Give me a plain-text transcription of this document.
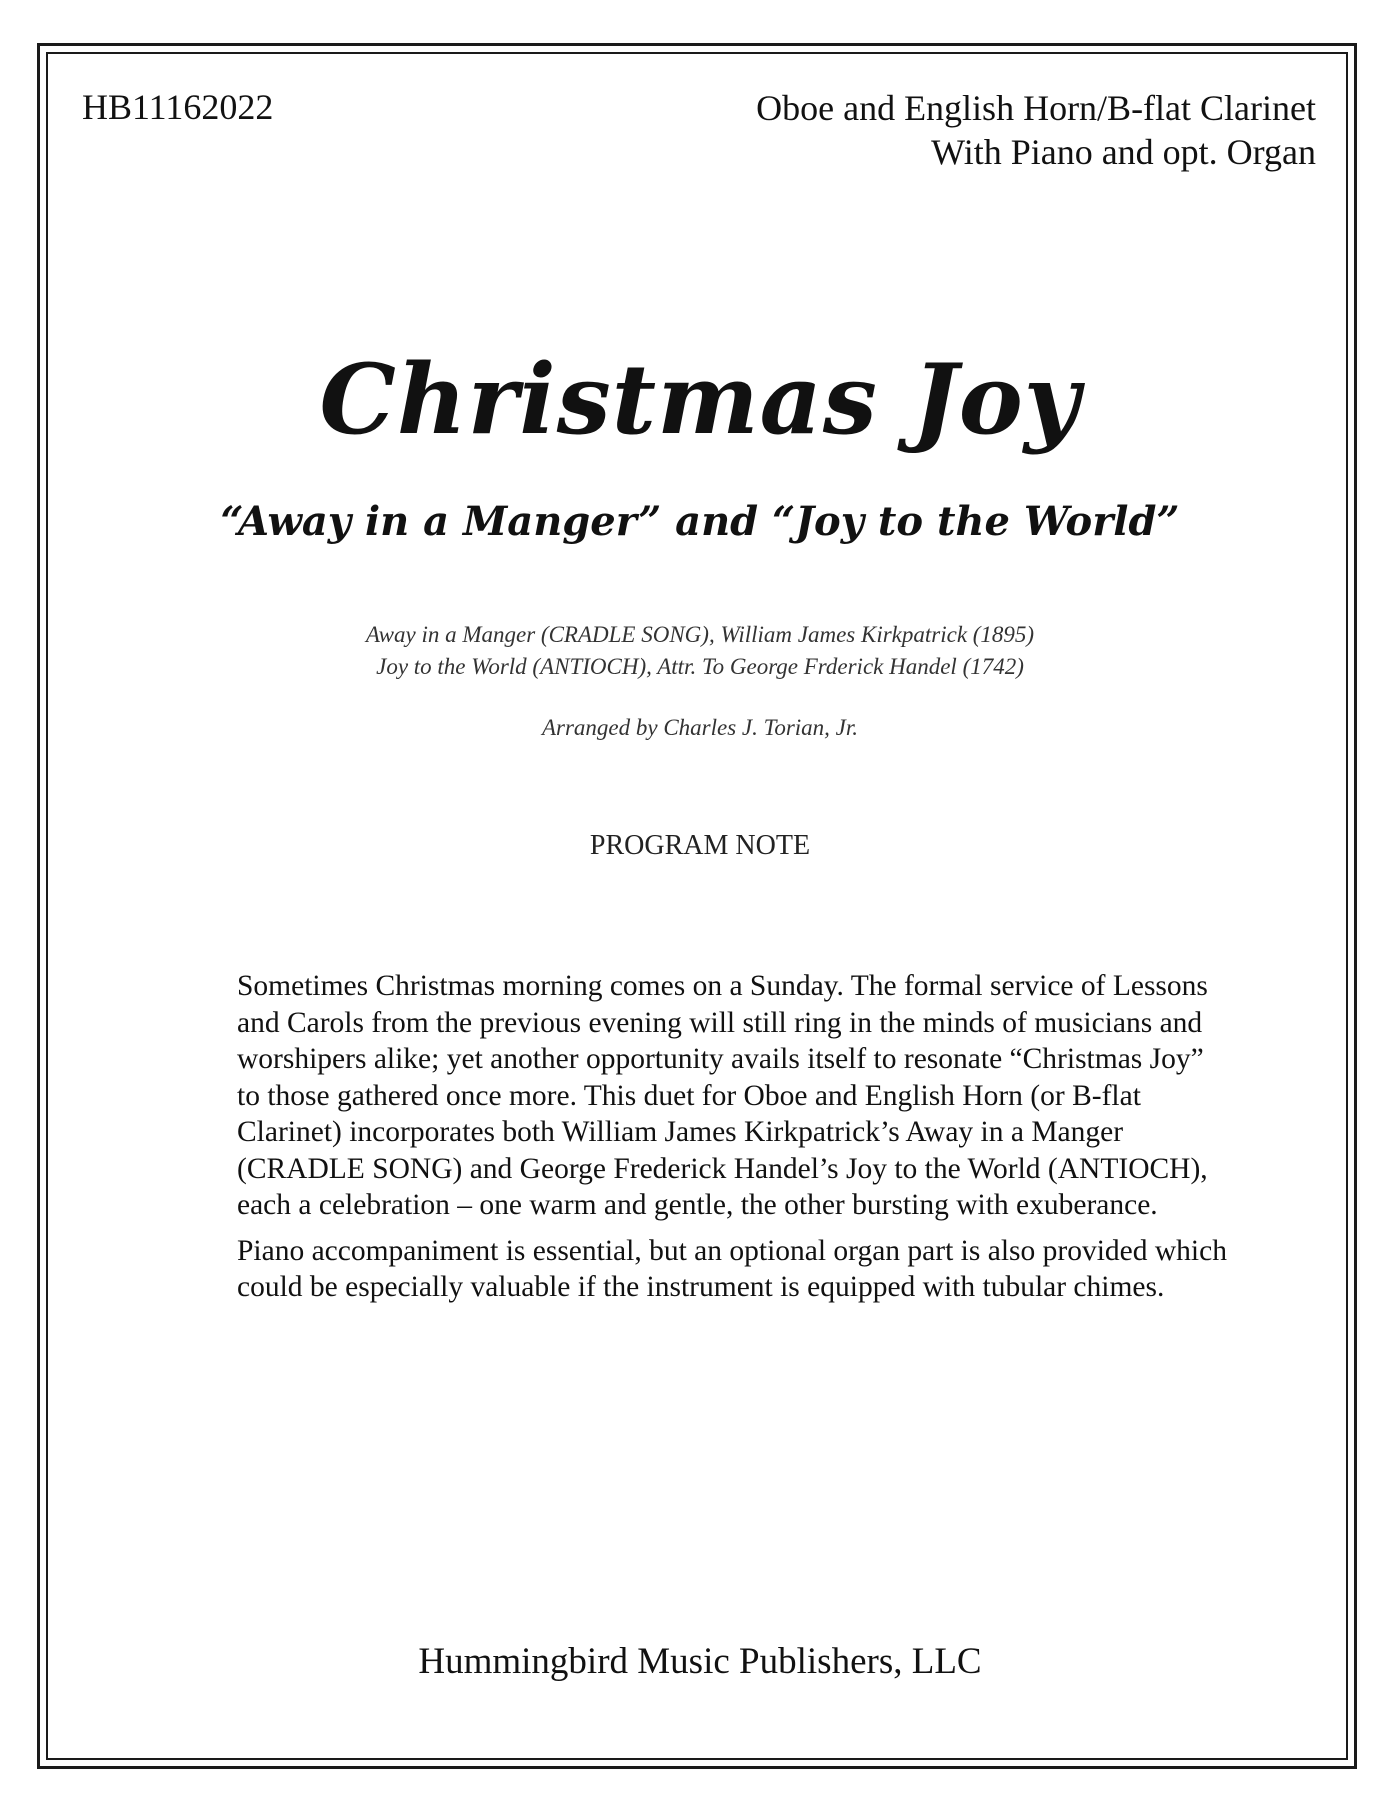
HB11162022	Oboe and English Horn/B-flat Clarinet
With Piano and opt. Organ
Christmas Joy
“Away in a Manger” and “Joy to the World”
Away in a Manger (CRADLE SONG), William James Kirkpatrick (1895)
Joy to the World (ANTIOCH), Attr. To George Frderick Handel (1742)
Arranged by Charles J. Torian, Jr.
PROGRAM NOTE

Sometimes Christmas morning comes on a Sunday. The formal service of Lessons and Carols from the previous evening will still ring in the minds of musicians and worshipers alike; yet another opportunity avails itself to resonate “Christmas Joy” to those gathered once more. This duet for Oboe and English Horn (or B-flat Clarinet) incorporates both William James Kirkpatrick’s Away in a Manger (CRADLE SONG) and George Frederick Handel’s Joy to the World (ANTIOCH), each a celebration – one warm and gentle, the other bursting with exuberance.

Piano accompaniment is essential, but an optional organ part is also provided which could be especially valuable if the instrument is equipped with tubular chimes.

Hummingbird Music Publishers, LLC
